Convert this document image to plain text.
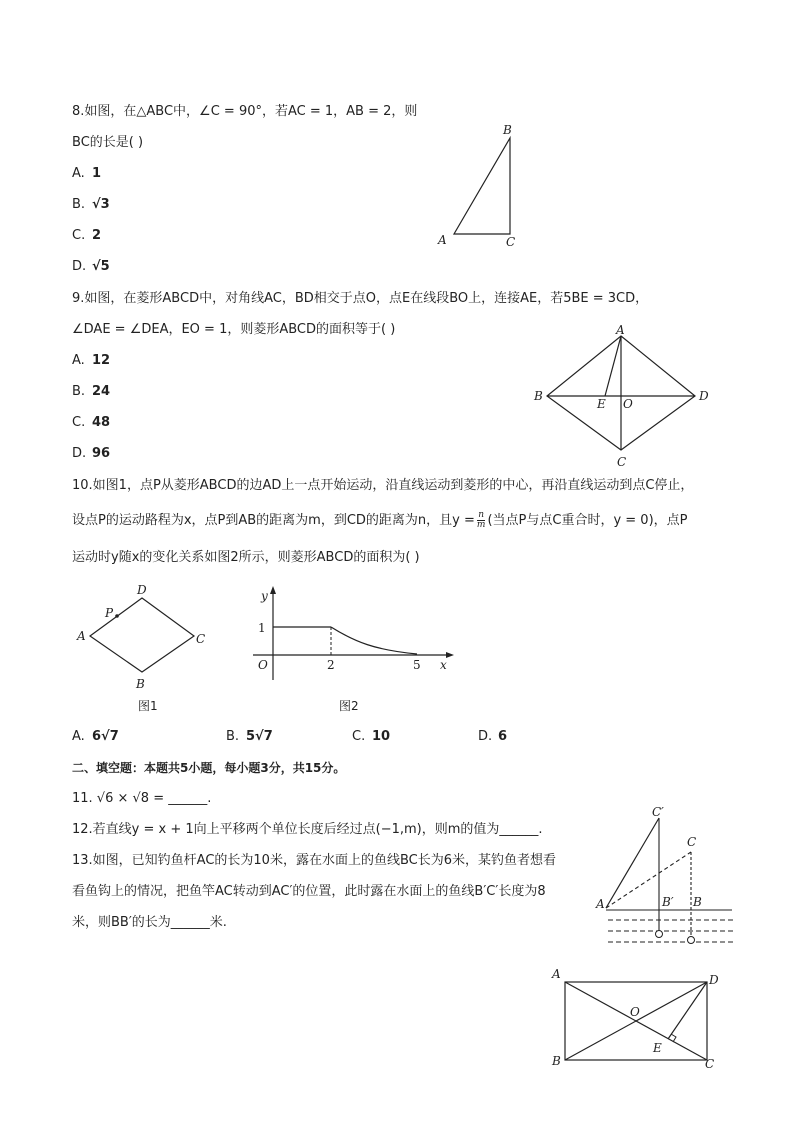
8.如图，在△ABC中，∠C = 90°，若AC = 1，AB = 2，则
BC的长是( )
A. 1
B. √3
C. 2
D. √5
B
A	C
9.如图，在菱形ABCD中，对角线AC，BD相交于点O，点E在线段BO上，连接AE，若5BE = 3CD，
∠DAE = ∠DEA，EO = 1，则菱形ABCD的面积等于( )
A. 12
B. 24
C. 48
D. 96
A
B	D
C
E O
10.如图1，点P从菱形ABCD的边AD上一点开始运动，沿直线运动到菱形的中心，再沿直线运动到点C停止，
设点P的运动路程为x，点P到AB的距离为m，到CD的距离为n，且$y = \frac{n}{m}$ (当点P与点C重合时，y = 0)，点P
运动时y随x的变化关系如图2所示，则菱形ABCD的面积为( )
D
P
A	C
B
图1
y
x
O
1
2	5
图2
A. 6√7	B. 5√7	C. 10	D. 6
二、填空题：本题共5小题，每小题3分，共15分。
11. √6 × √8 = ______.
12.若直线y = x + 1向上平移两个单位长度后经过点(−1,m)，则m的值为______.
13.如图，已知钓鱼杆AC的长为10米，露在水面上的鱼线BC长为6米，某钓鱼者想看
看鱼钩上的情况，把鱼竿AC转动到AC′的位置，此时露在水面上的鱼线B′C′长度为8
米，则BB′的长为______米.
C′
C
A	B′ B
A	D
B	C
O
E
